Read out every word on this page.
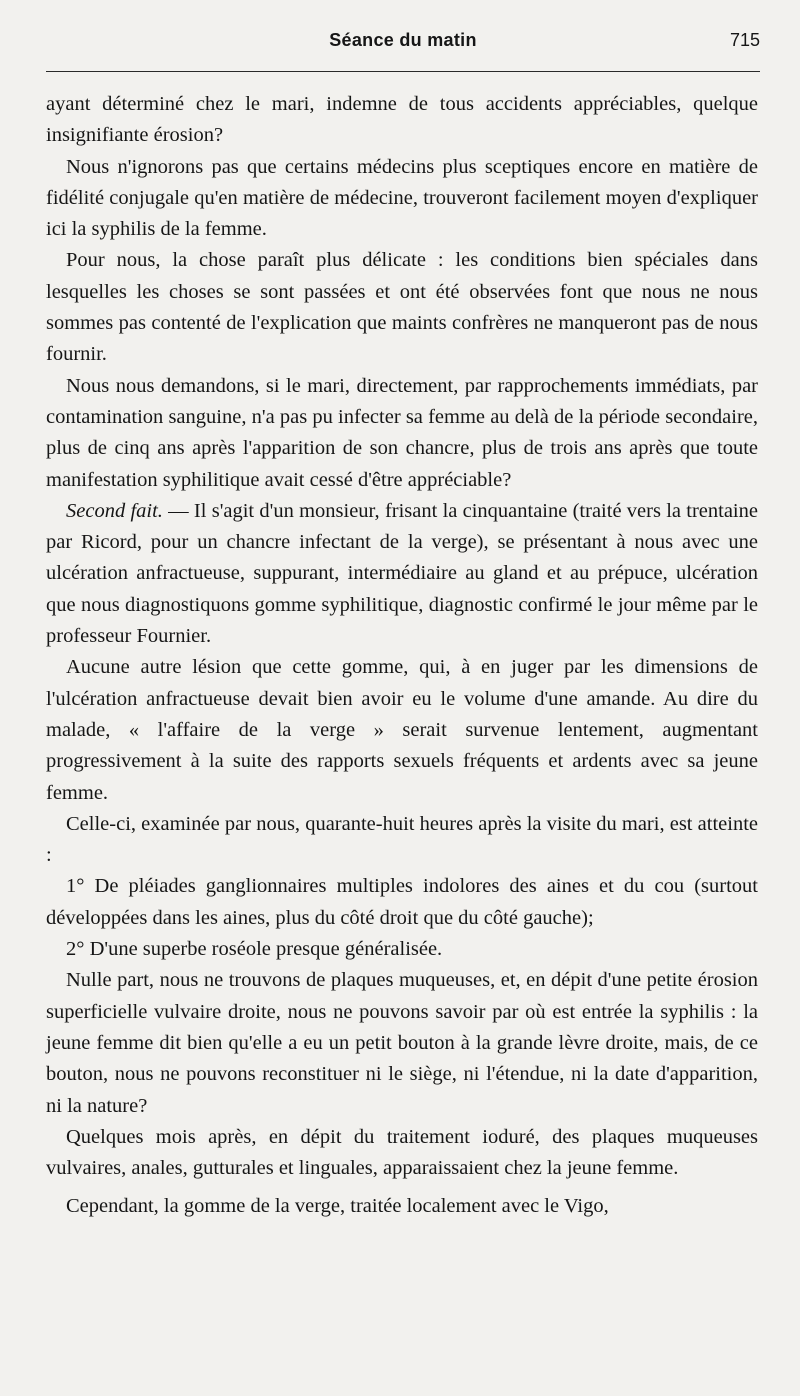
Séance du matin	715

ayant déterminé chez le mari, indemne de tous accidents appréciables, quelque insignifiante érosion?

Nous n'ignorons pas que certains médecins plus sceptiques encore en matière de fidélité conjugale qu'en matière de médecine, trouveront facilement moyen d'expliquer ici la syphilis de la femme.

Pour nous, la chose paraît plus délicate : les conditions bien spéciales dans lesquelles les choses se sont passées et ont été observées font que nous ne nous sommes pas contenté de l'explication que maints confrères ne manqueront pas de nous fournir.

Nous nous demandons, si le mari, directement, par rapprochements immédiats, par contamination sanguine, n'a pas pu infecter sa femme au delà de la période secondaire, plus de cinq ans après l'apparition de son chancre, plus de trois ans après que toute manifestation syphilitique avait cessé d'être appréciable?

Second fait. — Il s'agit d'un monsieur, frisant la cinquantaine (traité vers la trentaine par Ricord, pour un chancre infectant de la verge), se présentant à nous avec une ulcération anfractueuse, suppurant, intermédiaire au gland et au prépuce, ulcération que nous diagnostiquons gomme syphilitique, diagnostic confirmé le jour même par le professeur Fournier.

Aucune autre lésion que cette gomme, qui, à en juger par les dimensions de l'ulcération anfractueuse devait bien avoir eu le volume d'une amande. Au dire du malade, « l'affaire de la verge » serait survenue lentement, augmentant progressivement à la suite des rapports sexuels fréquents et ardents avec sa jeune femme.

Celle-ci, examinée par nous, quarante-huit heures après la visite du mari, est atteinte :

1° De pléiades ganglionnaires multiples indolores des aines et du cou (surtout développées dans les aines, plus du côté droit que du côté gauche);

2° D'une superbe roséole presque généralisée.

Nulle part, nous ne trouvons de plaques muqueuses, et, en dépit d'une petite érosion superficielle vulvaire droite, nous ne pouvons savoir par où est entrée la syphilis : la jeune femme dit bien qu'elle a eu un petit bouton à la grande lèvre droite, mais, de ce bouton, nous ne pouvons reconstituer ni le siège, ni l'étendue, ni la date d'apparition, ni la nature?

Quelques mois après, en dépit du traitement ioduré, des plaques muqueuses vulvaires, anales, gutturales et linguales, apparaissaient chez la jeune femme.

Cependant, la gomme de la verge, traitée localement avec le Vigo,
